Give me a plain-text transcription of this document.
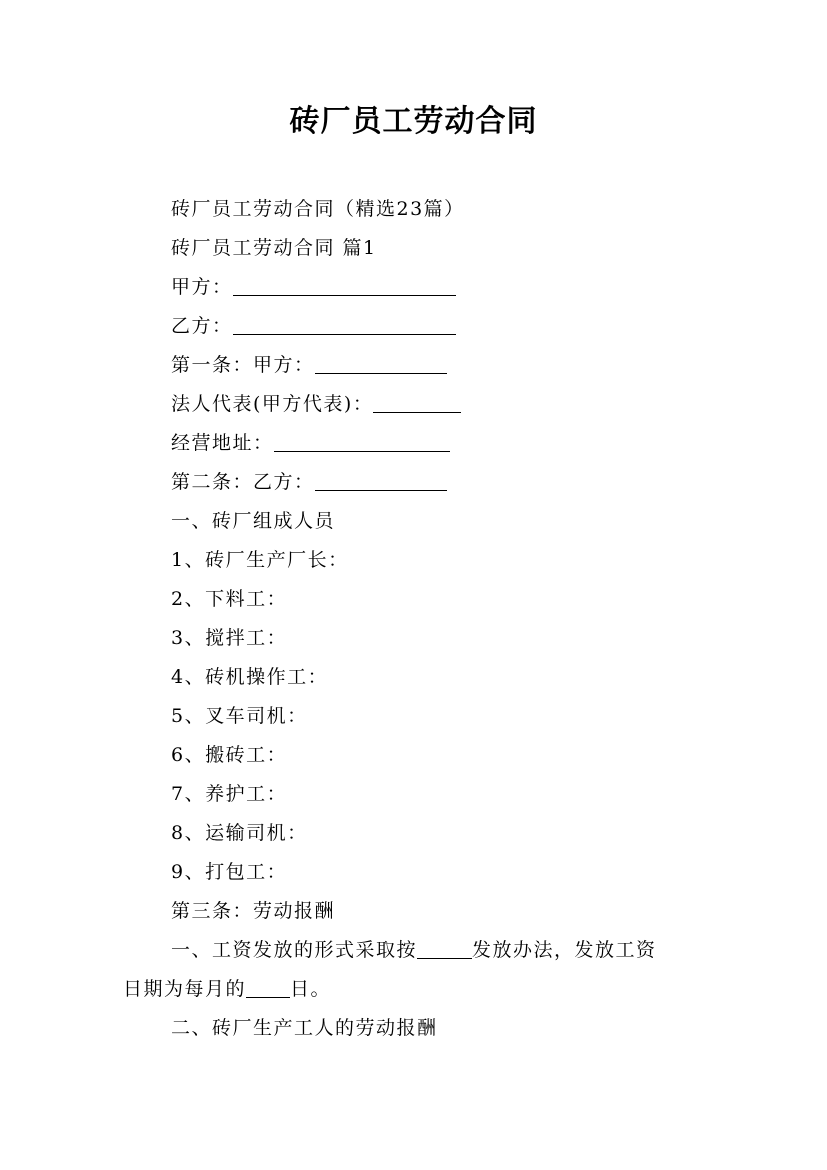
砖厂员工劳动合同
砖厂员工劳动合同（精选23篇）
砖厂员工劳动合同 篇1
甲方：
乙方：
第一条：甲方：
法人代表(甲方代表)：
经营地址：
第二条：乙方：
一、砖厂组成人员
1、砖厂生产厂长：
2、下料工：
3、搅拌工：
4、砖机操作工：
5、叉车司机：
6、搬砖工：
7、养护工：
8、运输司机：
9、打包工：
第三条：劳动报酬
一、工资发放的形式采取按	发放办法，发放工资
日期为每月的 日。
二、砖厂生产工人的劳动报酬
